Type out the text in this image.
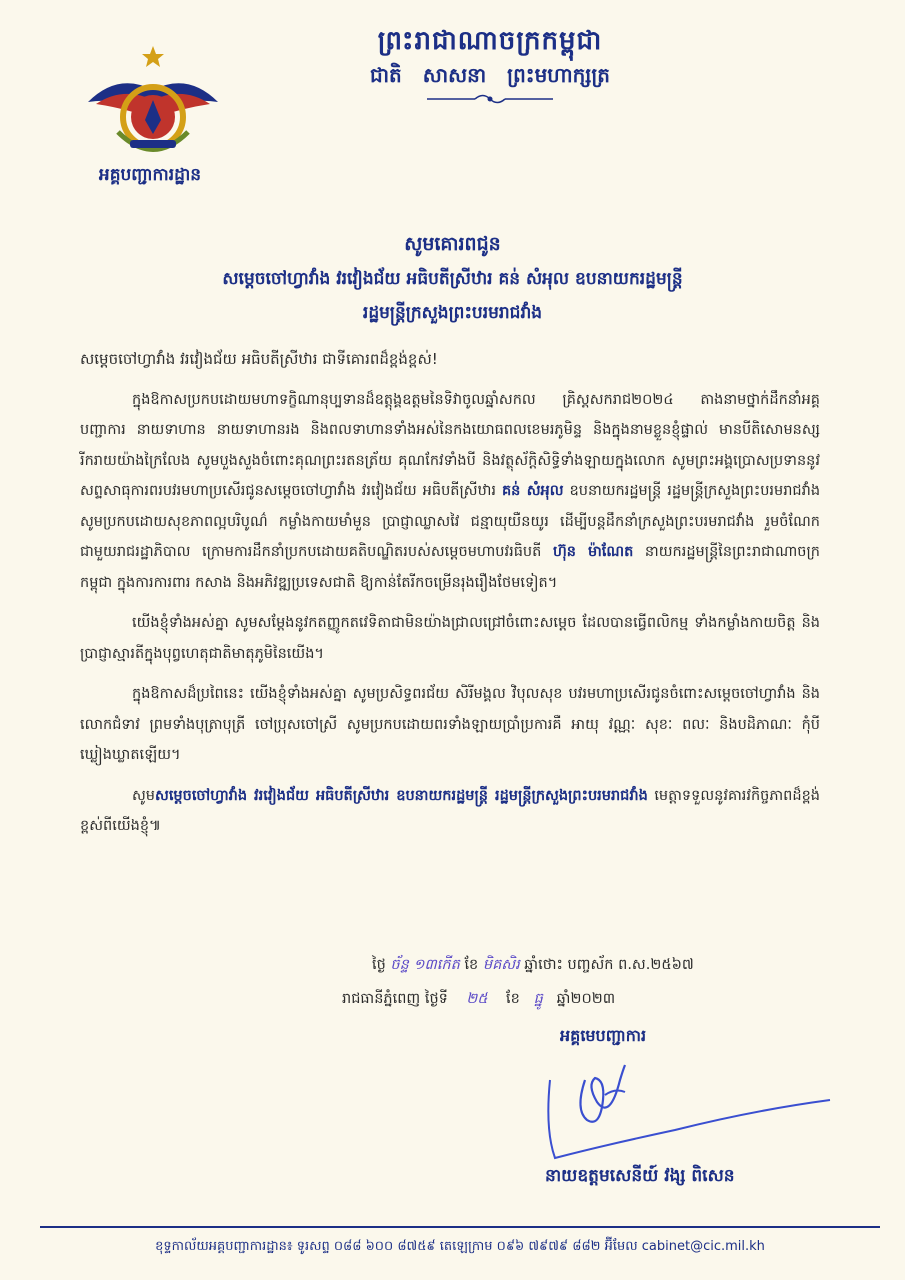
អគ្គបញ្ជាការដ្ឋាន
ព្រះរាជាណាចក្រកម្ពុជា
ជាតិ សាសនា ព្រះមហាក្សត្រ
សូមគោរពជូន
សម្តេចចៅហ្វាវាំង វរវៀងជ័យ អធិបតីស្រីឋារ គន់ សំអុល ឧបនាយករដ្ឋមន្ត្រី
រដ្ឋមន្ត្រីក្រសួងព្រះបរមរាជវាំង

សម្តេចចៅហ្វាវាំង វរវៀងជ័យ អធិបតីស្រីឋារ ជាទីគោរពដ៏ខ្ពង់ខ្ពស់!

ក្នុងឱកាសប្រកបដោយមហាទក្ខិណានុប្បទានដ៏ឧត្តុង្គឧត្តមនៃទិវាចូលឆ្នាំសកល គ្រិស្តសករាជ២០២៤ តាងនាមថ្នាក់ដឹកនាំអគ្គបញ្ជាការ នាយទាហាន នាយទាហានរង និងពលទាហានទាំងអស់នៃកងយោធពលខេមរភូមិន្ទ និងក្នុងនាមខ្លួនខ្ញុំផ្ទាល់ មានបីតិសោមនស្សរីករាយយ៉ាងក្រៃលែង សូមបួងសួងចំពោះគុណព្រះរតនត្រ័យ គុណកែវទាំងបី និងវត្ថុស័ក្តិសិទ្ធិទាំងឡាយក្នុងលោក សូមព្រះអង្គប្រោសប្រទាននូវសព្ទសាធុការពរបវរមហាប្រសើរជូនសម្តេចចៅហ្វាវាំង វរវៀងជ័យ អធិបតីស្រីឋារ គន់ សំអុល ឧបនាយករដ្ឋមន្ត្រី រដ្ឋមន្ត្រីក្រសួងព្រះបរមរាជវាំង សូមប្រកបដោយសុខភាពល្អបរិបូណ៌ កម្លាំងកាយមាំមួន ប្រាជ្ញាឈ្លាសវៃ ជន្មាយុយឺនយូរ ដើម្បីបន្តដឹកនាំក្រសួងព្រះបរមរាជវាំង រួមចំណែកជាមួយរាជរដ្ឋាភិបាល ក្រោមការដឹកនាំប្រកបដោយគតិបណ្ឌិតរបស់សម្តេចមហាបវរធិបតី ហ៊ុន ម៉ាណែត នាយករដ្ឋមន្ត្រីនៃព្រះរាជាណាចក្រកម្ពុជា ក្នុងការការពារ កសាង និងអភិវឌ្ឍប្រទេសជាតិ ឱ្យកាន់តែរីកចម្រើនរុងរឿងថែមទៀត។

យើងខ្ញុំទាំងអស់គ្នា សូមសម្តែងនូវកតញ្ញូកតវេទិតាជាមិនយ៉ាងជ្រាលជ្រៅចំពោះសម្តេច ដែលបានធ្វើពលិកម្ម ទាំងកម្លាំងកាយចិត្ត និងប្រាជ្ញាស្មារតីក្នុងបុព្វហេតុជាតិមាតុភូមិនៃយើង។

ក្នុងឱកាសដ៏ប្រពៃនេះ យើងខ្ញុំទាំងអស់គ្នា សូមប្រសិទ្ធពរជ័យ សិរីមង្គល វិបុលសុខ បវរមហាប្រសើរជូនចំពោះសម្តេចចៅហ្វាវាំង និងលោកជំទាវ ព្រមទាំងបុត្រាបុត្រី ចៅប្រុសចៅស្រី សូមប្រកបដោយពរទាំងឡាយប្រាំប្រការគឺ អាយុ វណ្ណៈ សុខៈ ពលៈ និងបដិភាណៈ កុំបីឃ្លៀងឃ្លាតឡើយ។

សូមសម្តេចចៅហ្វាវាំង វរវៀងជ័យ អធិបតីស្រីឋារ ឧបនាយករដ្ឋមន្ត្រី រដ្ឋមន្ត្រីក្រសួងព្រះបរមរាជវាំង មេត្តាទទួលនូវគារវកិច្ចភាពដ៏ខ្ពង់ខ្ពស់ពីយើងខ្ញុំ៕

ថ្ងៃ ច័ន្ទ ១៣កើត ខែ មិគសិរ ឆ្នាំថោះ បញ្ចស័ក ព.ស.២៥៦៧
រាជធានីភ្នំពេញ ថ្ងៃទី ២៥ ខែ ធ្នូ ឆ្នាំ២០២៣
អគ្គមេបញ្ជាការ
នាយឧត្តមសេនីយ៍ វង្ស ពិសេន
ខុទ្ទកាល័យអគ្គបញ្ជាការដ្ឋាន៖ ទូរសព្ទ ០៨៨ ៦០០ ៨៧៥៩ តេឡេក្រាម ០៩៦ ៧៩៧៩ ៨៨២ អ៊ីមែល cabinet@cic.mil.kh
